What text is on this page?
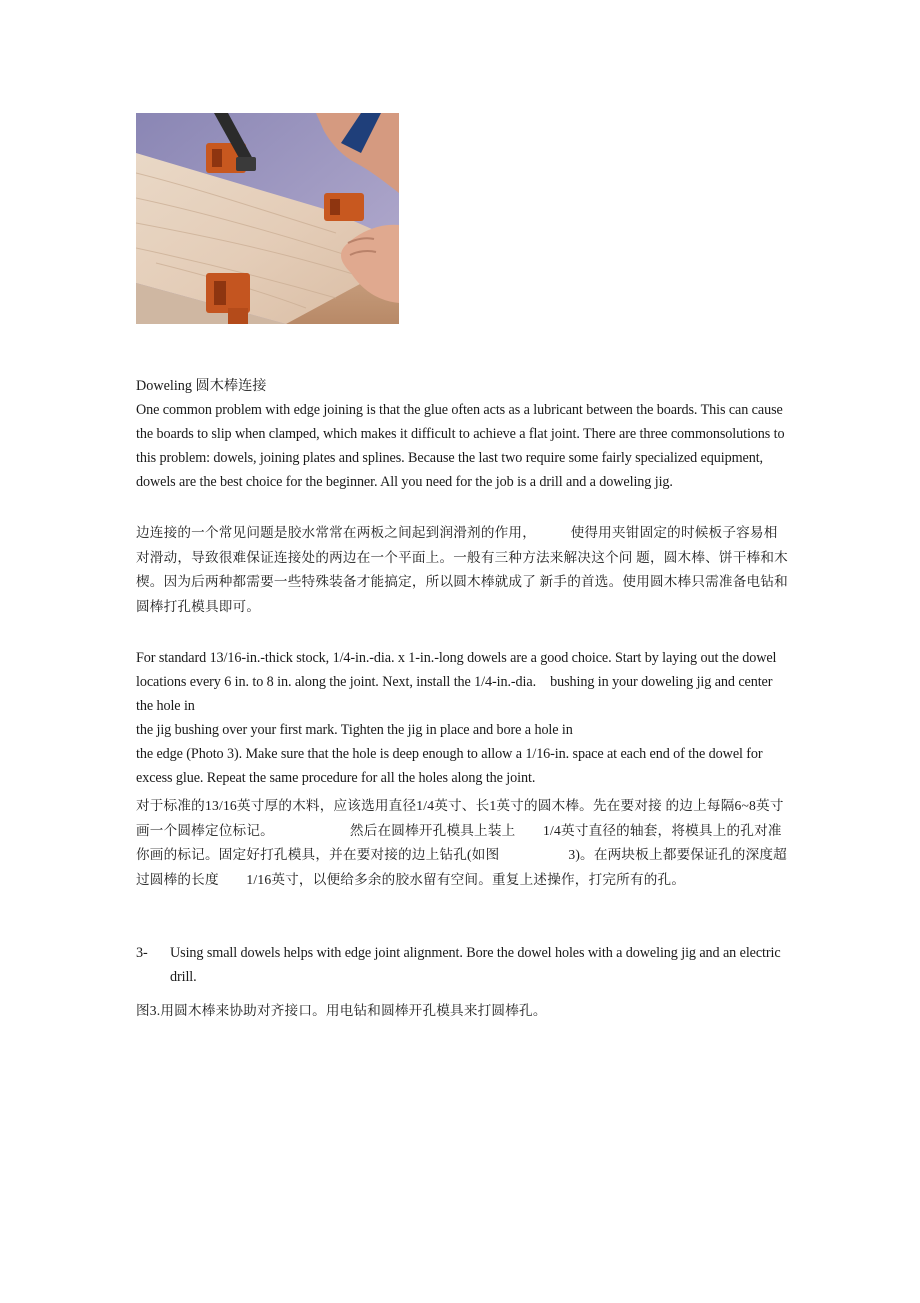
Doweling 圆木棒连接

One common problem with edge joining is that the glue often acts as a lubricant between the boards. This can cause the boards to slip when clamped, which makes it difficult to achieve a flat joint. There are three commonsolutions to this problem: dowels, joining plates and splines. Because the last two require some fairly specialized equipment, dowels are the best choice for the beginner. All you need for the job is a drill and a doweling jig.

边连接的一个常见问题是胶水常常在两板之间起到润滑剂的作用，　　　使得用夹钳固定的时候板子容易相对滑动，导致很难保证连接处的两边在一个平面上。一般有三种方法来解决这个问 题，圆木棒、饼干棒和木楔。因为后两种都需要一些特殊装备才能搞定，所以圆木棒就成了 新手的首选。使用圆木棒只需准备电钻和圆棒打孔模具即可。

For standard 13/16-in.-thick stock, 1/4-in.-dia. x 1-in.-long dowels are a good choice. Start by laying out the dowel locations every 6 in. to 8 in. along the joint. Next, install the 1/4-in.-dia. bushing in your doweling jig and center the hole in

the jig bushing over your first mark. Tighten the jig in place and bore a hole in

the edge (Photo 3). Make sure that the hole is deep enough to allow a 1/16-in. space at each end of the dowel for excess glue. Repeat the same procedure for all the holes along the joint.

对于标准的13/16英寸厚的木料，应该选用直径1/4英寸、长1英寸的圆木棒。先在要对接 的边上每隔6~8英寸画一个圆棒定位标记。　　　　　　然后在圆棒开孔模具上装上　　1/4英寸直径的轴套，将模具上的孔对准你画的标记。固定好打孔模具，并在要对接的边上钻孔(如图　　　　　3)。在两块板上都要保证孔的深度超过圆棒的长度　　1/16英寸，以便给多余的胶水留有空间。重复上述操作，打完所有的孔。

3-	Using small dowels helps with edge joint alignment. Bore the dowel holes with a doweling jig and an electric drill.

图3.用圆木棒来协助对齐接口。用电钻和圆棒开孔模具来打圆棒孔。
